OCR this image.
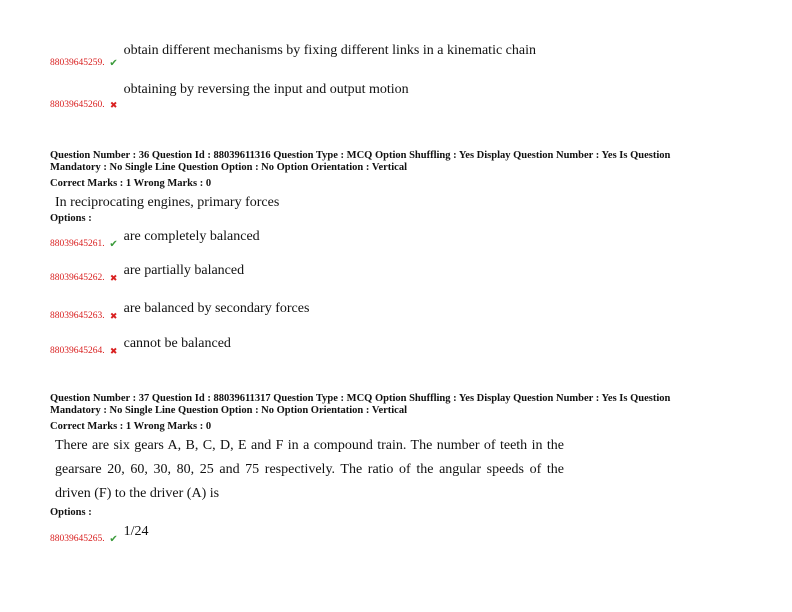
88039645259. ✔
obtain different mechanisms by fixing different links in a kinematic chain
88039645260. ✖
obtaining by reversing the input and output motion
Question Number : 36 Question Id : 88039611316 Question Type : MCQ Option Shuffling : Yes Display Question Number : Yes Is Question
Mandatory : No Single Line Question Option : No Option Orientation : Vertical
Correct Marks : 1 Wrong Marks : 0

In reciprocating engines, primary forces

Options :
88039645261. ✔
are completely balanced
88039645262. ✖ are partially balanced
88039645263. ✖ are balanced by secondary forces
88039645264. ✖ cannot be balanced
Question Number : 37 Question Id : 88039611317 Question Type : MCQ Option Shuffling : Yes Display Question Number : Yes Is Question
Mandatory : No Single Line Question Option : No Option Orientation : Vertical
Correct Marks : 1 Wrong Marks : 0

There are six gears A, B, C, D, E and F in a compound train. The number of teeth in the

gearsare 20, 60, 30, 80, 25 and 75 respectively. The ratio of the angular speeds of the

driven (F) to the driver (A) is

Options :
88039645265. ✔
1/24
